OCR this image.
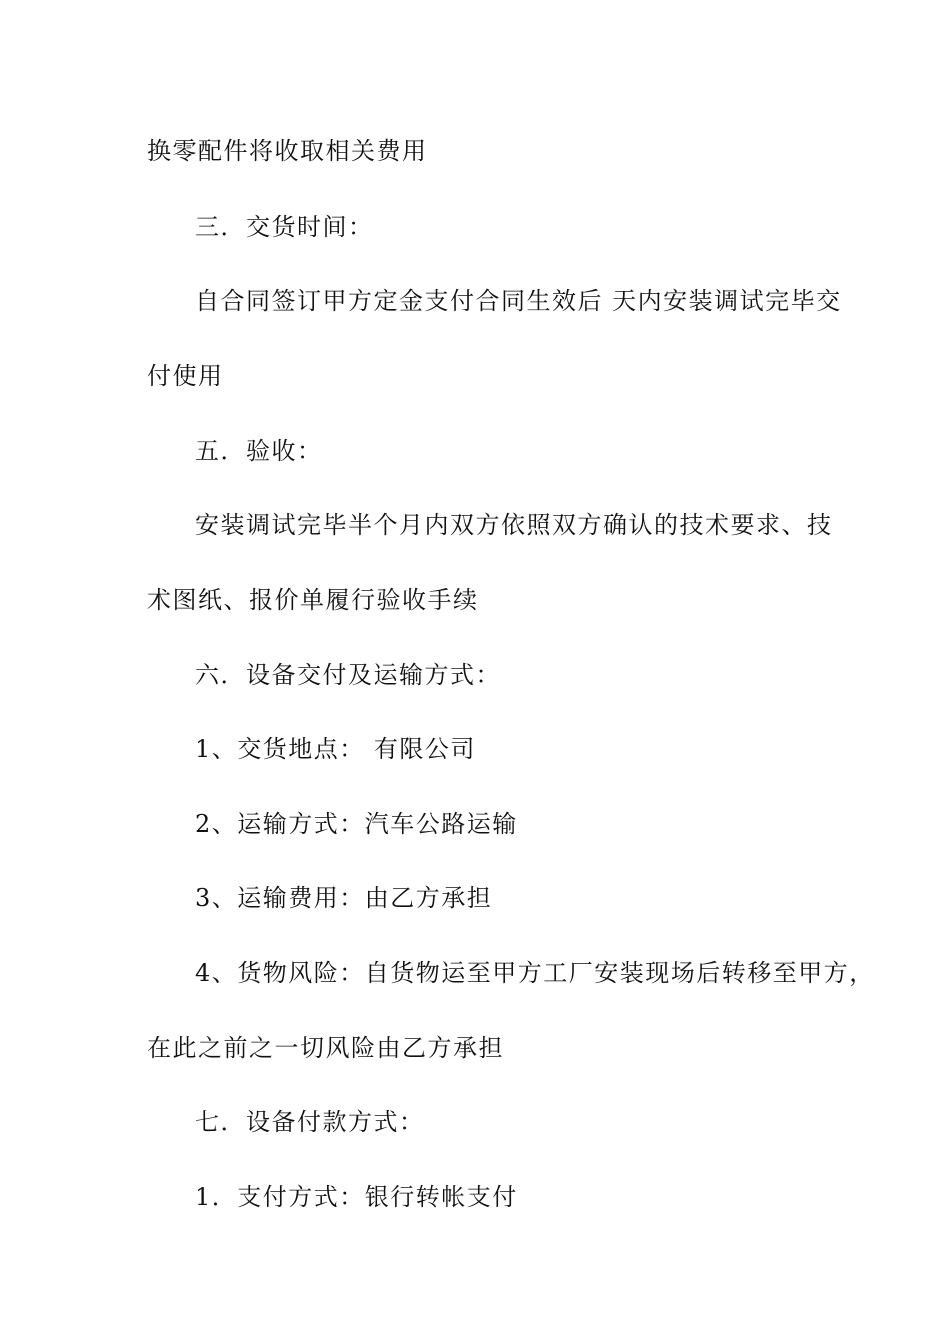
换零配件将收取相关费用
三．交货时间：
自合同签订甲方定金支付合同生效后 天内安装调试完毕交
付使用
五．验收：
安装调试完毕半个月内双方依照双方确认的技术要求、技
术图纸、报价单履行验收手续
六．设备交付及运输方式：
1、交货地点： 有限公司
2、运输方式：汽车公路运输
3、运输费用：由乙方承担
4、货物风险：自货物运至甲方工厂安装现场后转移至甲方，
在此之前之一切风险由乙方承担
七．设备付款方式：
1．支付方式：银行转帐支付
